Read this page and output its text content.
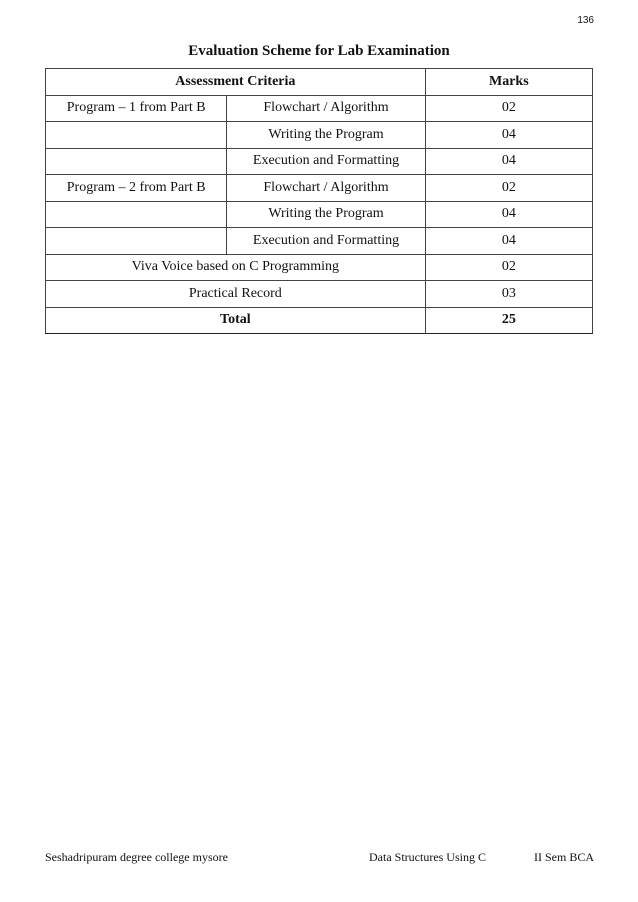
136
Evaluation Scheme for Lab Examination
Assessment Criteria		Marks
Program – 1 from Part B	Flowchart / Algorithm	02
	Writing the Program	04
	Execution and Formatting	04
Program – 2 from Part B	Flowchart / Algorithm	02
	Writing the Program	04
	Execution and Formatting	04
Viva Voice based on C Programming		02
Practical Record		03
Total		25
Seshadripuram degree college mysore	Data Structures Using C	II Sem BCA
